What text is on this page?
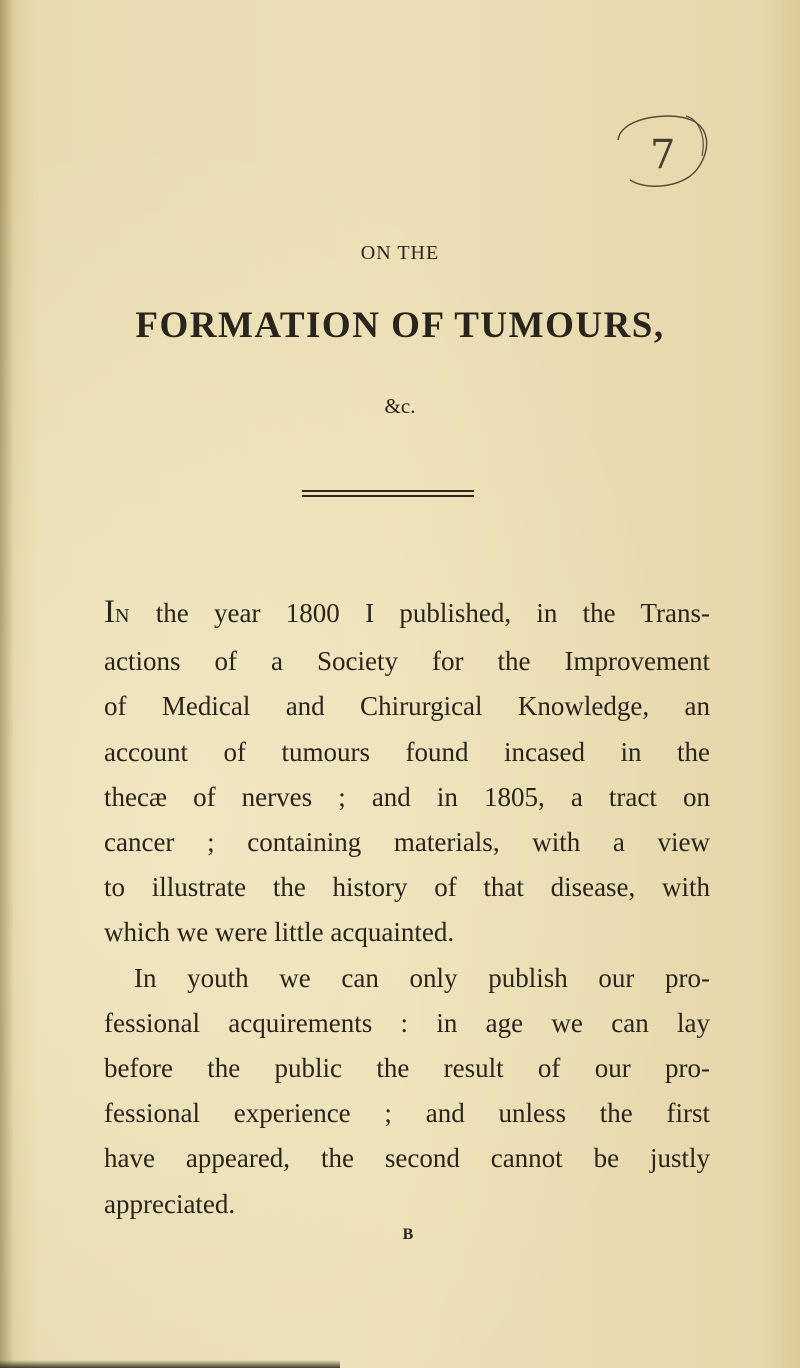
7
ON THE
FORMATION OF TUMOURS,
&c.
IN the year 1800 I published, in the Trans-
actions of a Society for the Improvement
of Medical and Chirurgical Knowledge, an
account of tumours found incased in the
thecæ of nerves ; and in 1805, a tract on
cancer ; containing materials, with a view
to illustrate the history of that disease, with
which we were little acquainted.
In youth we can only publish our pro-
fessional acquirements : in age we can lay
before the public the result of our pro-
fessional experience ; and unless the first
have appeared, the second cannot be justly
appreciated.
B
